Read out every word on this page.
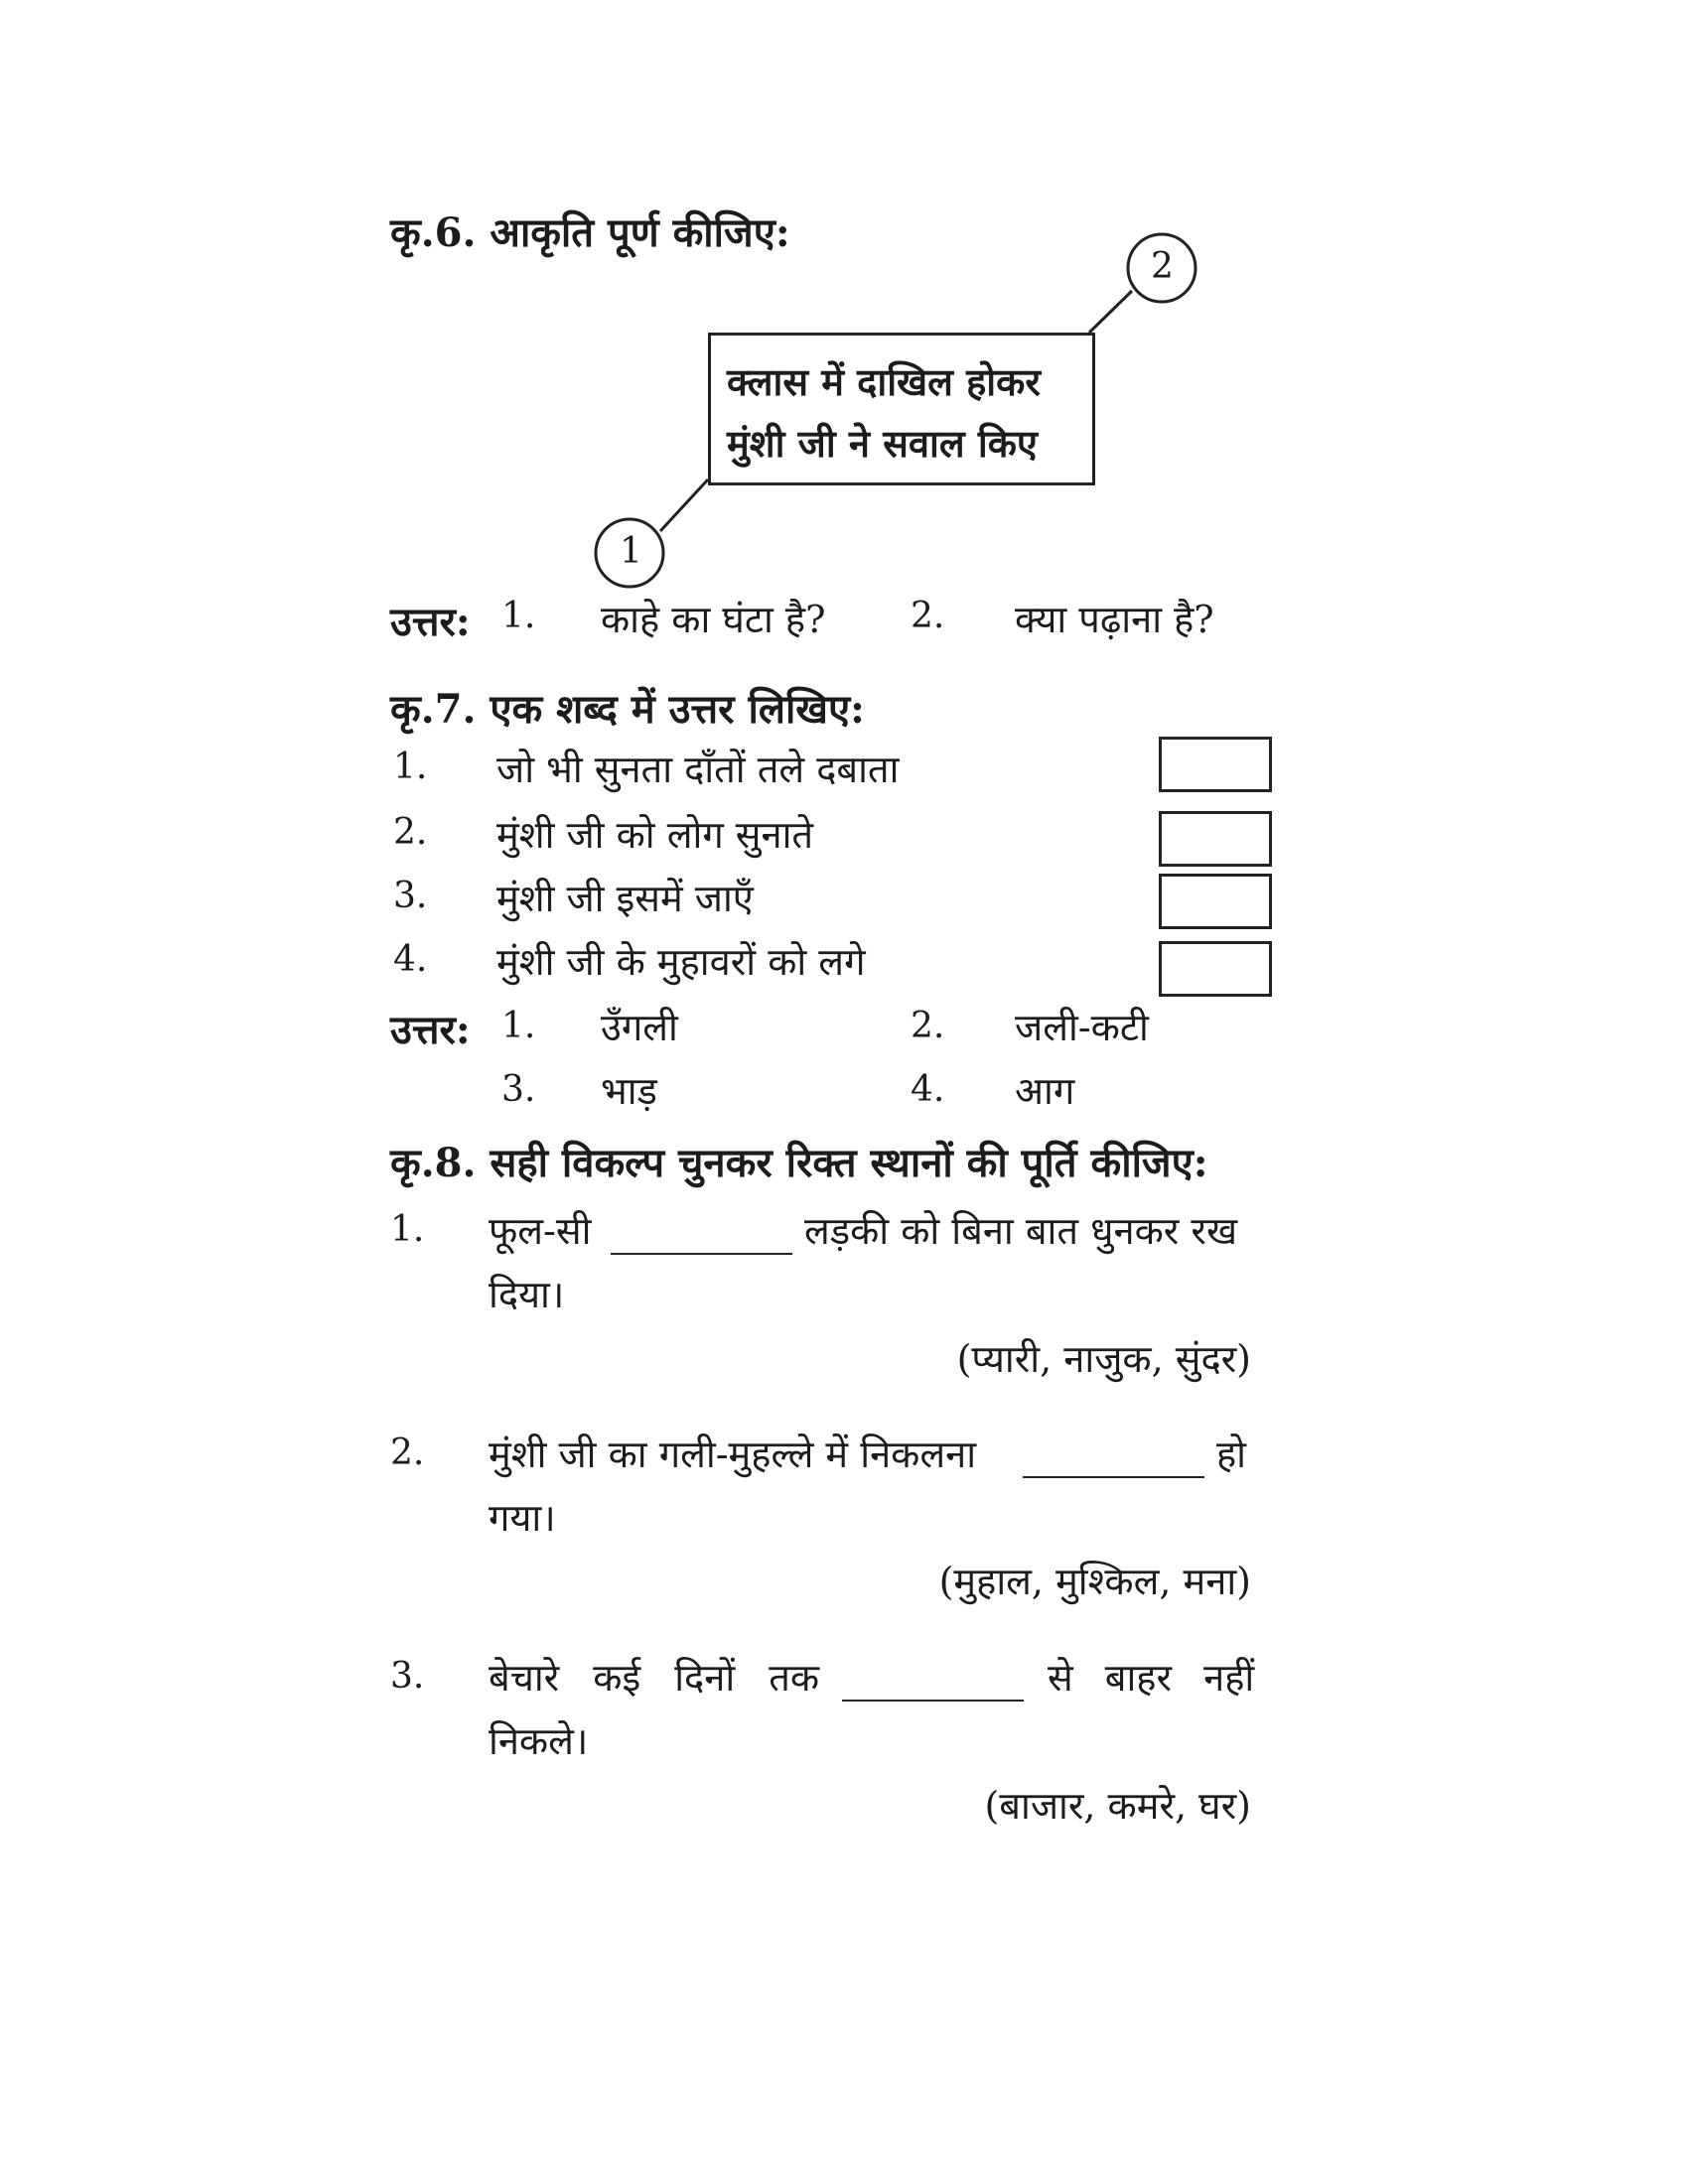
कृ.6. आकृति पूर्ण कीजिए:
2
1
क्लास में दाखिल होकर
मुंशी जी ने सवाल किए
उत्तर: 1. काहे का घंटा है? 2. क्या पढ़ाना है?
कृ.7. एक शब्द में उत्तर लिखिए:
1. जो भी सुनता दाँतों तले दबाता
2. मुंशी जी को लोग सुनाते
3. मुंशी जी इसमें जाएँ
4. मुंशी जी के मुहावरों को लगे
उत्तर: 1. उँगली	2. जली-कटी
3. भाड़	4. आग
कृ.8. सही विकल्प चुनकर रिक्त स्थानों की पूर्ति कीजिए:
1. फूल-सी	लड़की को बिना बात धुनकर रख
दिया।
(प्यारी, नाजुक, सुंदर)
2. मुंशी जी का गली-मुहल्ले में निकलना	हो
गया।
(मुहाल, मुश्किल, मना)
3. बेचारे कई दिनों तक	से बाहर नहीं
निकले।
(बाजार, कमरे, घर)
